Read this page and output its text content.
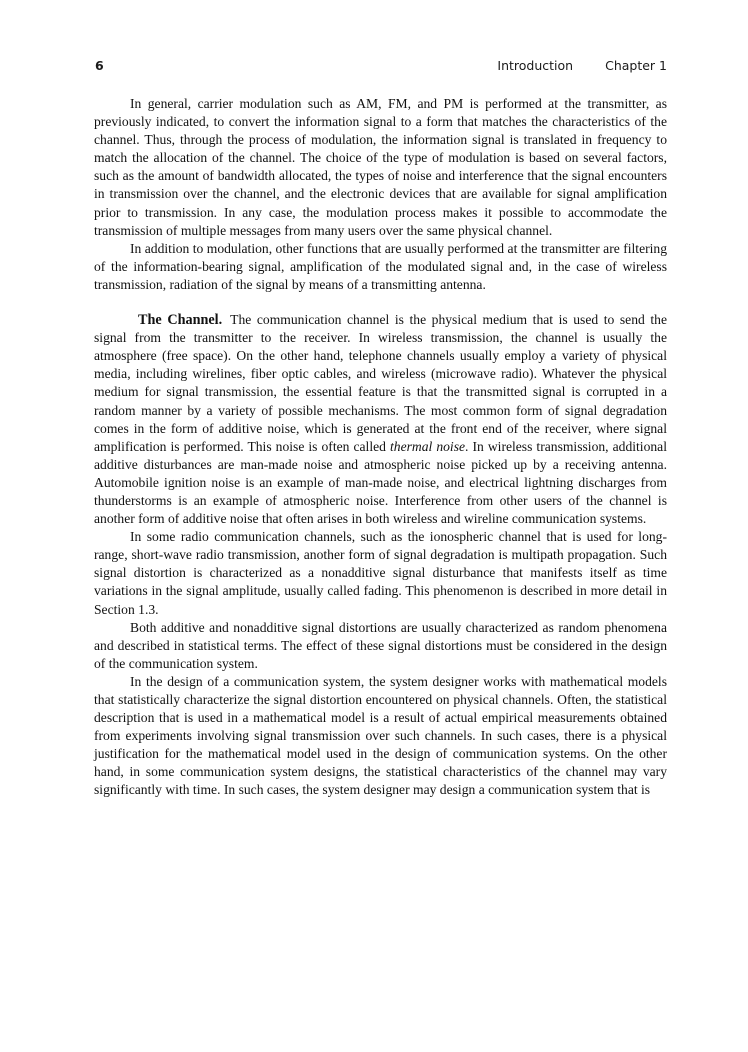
6	Introduction	Chapter 1

In general, carrier modulation such as AM, FM, and PM is performed at the transmitter, as previously indicated, to convert the information signal to a form that matches the characteristics of the channel. Thus, through the process of modulation, the information signal is translated in frequency to match the allocation of the channel. The choice of the type of modulation is based on several factors, such as the amount of bandwidth allocated, the types of noise and interference that the signal encounters in transmission over the channel, and the electronic devices that are available for signal amplification prior to transmission. In any case, the modulation process makes it possible to accommodate the transmission of multiple messages from many users over the same physical channel.

In addition to modulation, other functions that are usually performed at the transmitter are filtering of the information-bearing signal, amplification of the modulated signal and, in the case of wireless transmission, radiation of the signal by means of a transmitting antenna.

The Channel. The communication channel is the physical medium that is used to send the signal from the transmitter to the receiver. In wireless transmission, the channel is usually the atmosphere (free space). On the other hand, telephone channels usually employ a variety of physical media, including wirelines, fiber optic cables, and wireless (microwave radio). Whatever the physical medium for signal transmission, the essential feature is that the transmitted signal is corrupted in a random manner by a variety of possible mechanisms. The most common form of signal degradation comes in the form of additive noise, which is generated at the front end of the receiver, where signal amplification is performed. This noise is often called thermal noise. In wireless transmission, additional additive disturbances are man-made noise and atmospheric noise picked up by a receiving antenna. Automobile ignition noise is an example of man-made noise, and electrical lightning discharges from thunderstorms is an example of atmospheric noise. Interference from other users of the channel is another form of additive noise that often arises in both wireless and wireline communication systems.

In some radio communication channels, such as the ionospheric channel that is used for long-range, short-wave radio transmission, another form of signal degradation is multipath propagation. Such signal distortion is characterized as a nonadditive signal disturbance that manifests itself as time variations in the signal amplitude, usually called fading. This phenomenon is described in more detail in Section 1.3.

Both additive and nonadditive signal distortions are usually characterized as random phenomena and described in statistical terms. The effect of these signal distortions must be considered in the design of the communication system.

In the design of a communication system, the system designer works with mathematical models that statistically characterize the signal distortion encountered on physical channels. Often, the statistical description that is used in a mathematical model is a result of actual empirical measurements obtained from experiments involving signal transmission over such channels. In such cases, there is a physical justification for the mathematical model used in the design of communication systems. On the other hand, in some communication system designs, the statistical characteristics of the channel may vary significantly with time. In such cases, the system designer may design a communication system that is
